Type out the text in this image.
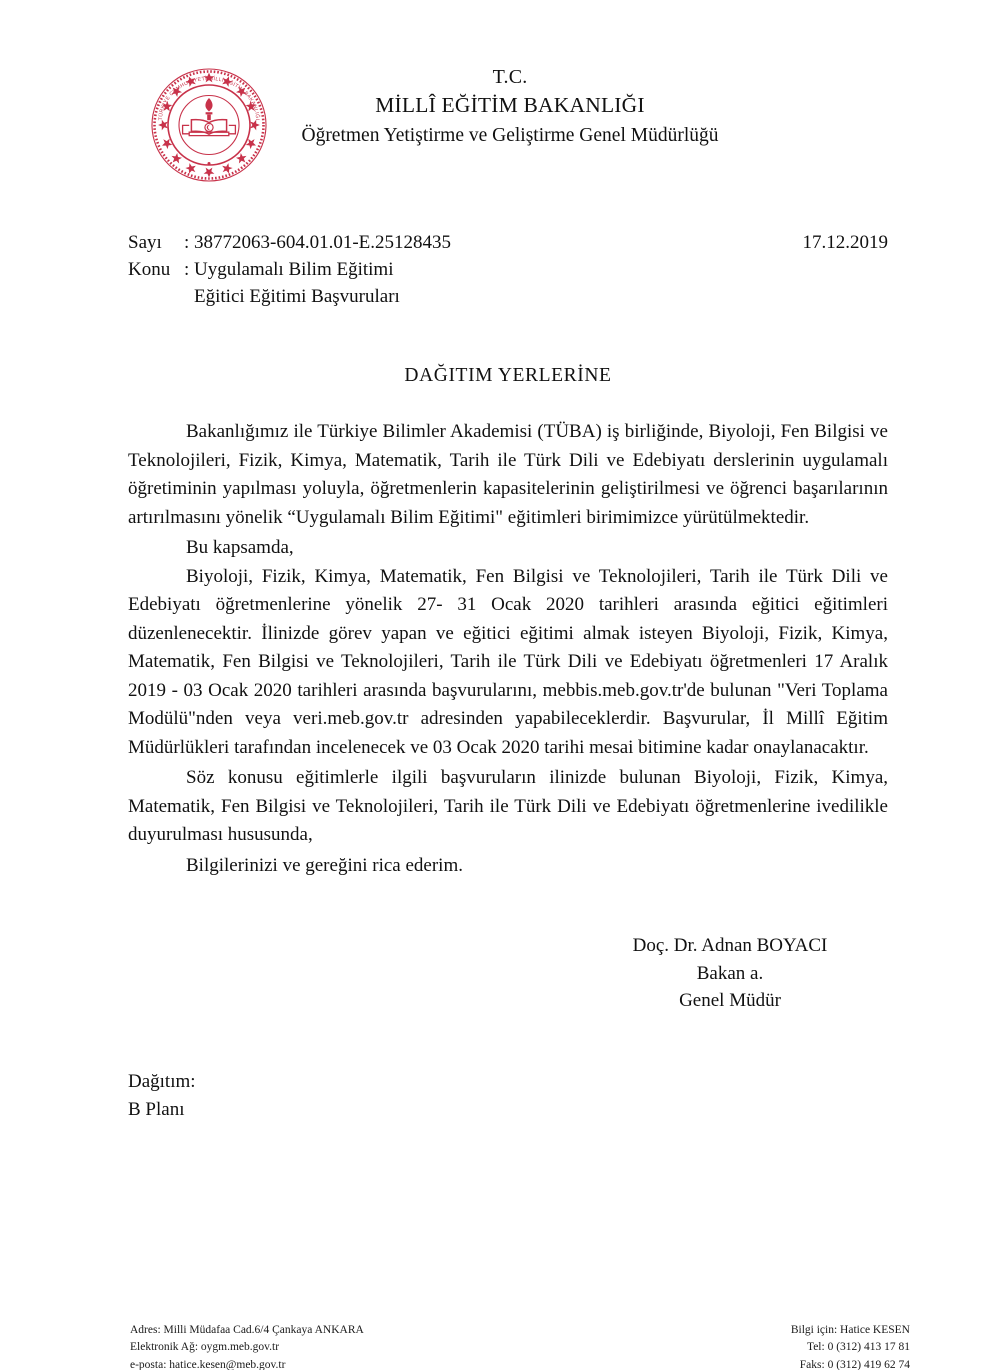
TÜRKİYE CUMHURİYETİ MİLLİ EĞİTİM BAKANLIĞI
T.C.
MİLLÎ EĞİTİM BAKANLIĞI
Öğretmen Yetiştirme ve Geliştirme Genel Müdürlüğü
Sayı : 38772063-604.01.01-E.25128435	17.12.2019
Konu : Uygulamalı Bilim Eğitimi
Eğitici Eğitimi Başvuruları
DAĞITIM YERLERİNE

Bakanlığımız ile Türkiye Bilimler Akademisi (TÜBA) iş birliğinde, Biyoloji, Fen Bilgisi ve Teknolojileri, Fizik, Kimya, Matematik, Tarih ile Türk Dili ve Edebiyatı derslerinin uygulamalı öğretiminin yapılması yoluyla, öğretmenlerin kapasitelerinin geliştirilmesi ve öğrenci başarılarının artırılmasını yönelik “Uygulamalı Bilim Eğitimi" eğitimleri birimimizce yürütülmektedir.

Bu kapsamda,

Biyoloji, Fizik, Kimya, Matematik, Fen Bilgisi ve Teknolojileri, Tarih ile Türk Dili ve Edebiyatı öğretmenlerine yönelik 27- 31 Ocak 2020 tarihleri arasında eğitici eğitimleri düzenlenecektir. İlinizde görev yapan ve eğitici eğitimi almak isteyen Biyoloji, Fizik, Kimya, Matematik, Fen Bilgisi ve Teknolojileri, Tarih ile Türk Dili ve Edebiyatı öğretmenleri 17 Aralık 2019 - 03 Ocak 2020 tarihleri arasında başvurularını, mebbis.meb.gov.tr'de bulunan "Veri Toplama Modülü"nden veya veri.meb.gov.tr adresinden yapabileceklerdir. Başvurular, İl Millî Eğitim Müdürlükleri tarafından incelenecek ve 03 Ocak 2020 tarihi mesai bitimine kadar onaylanacaktır.

Söz konusu eğitimlerle ilgili başvuruların ilinizde bulunan Biyoloji, Fizik, Kimya, Matematik, Fen Bilgisi ve Teknolojileri, Tarih ile Türk Dili ve Edebiyatı öğretmenlerine ivedilikle duyurulması hususunda,

Bilgilerinizi ve gereğini rica ederim.

Doç. Dr. Adnan BOYACI
Bakan a.
Genel Müdür
Dağıtım:
B Planı
Adres: Milli Müdafaa Cad.6/4 Çankaya ANKARA
Elektronik Ağ: oygm.meb.gov.tr
e-posta: hatice.kesen@meb.gov.tr
Bilgi için: Hatice KESEN
Tel: 0 (312) 413 17 81
Faks: 0 (312) 419 62 74
